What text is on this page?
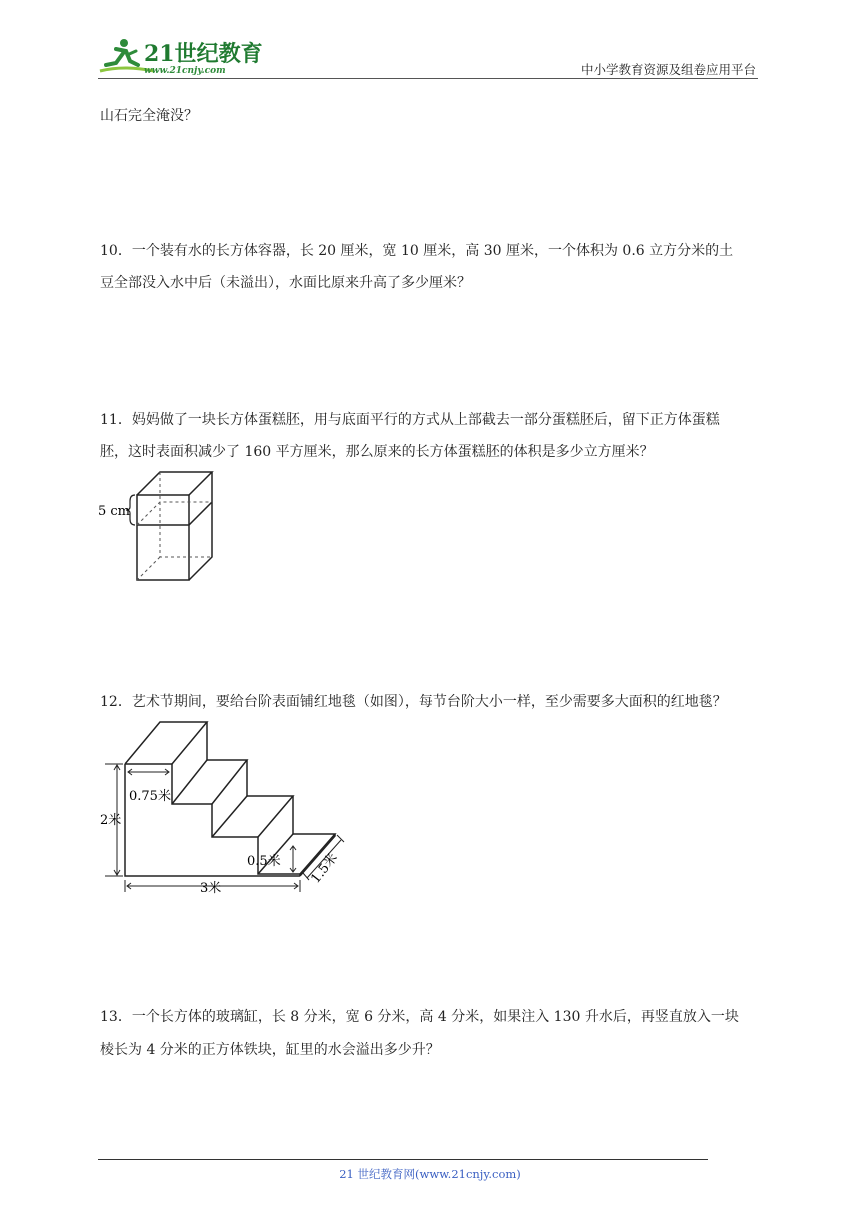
21世纪教育
www.21cnjy.com	中小学教育资源及组卷应用平台
山石完全淹没？
10．一个装有水的长方体容器，长 20 厘米，宽 10 厘米，高 30 厘米，一个体积为 0.6 立方分米的土
豆全部没入水中后（未溢出），水面比原来升高了多少厘米？
11．妈妈做了一块长方体蛋糕胚，用与底面平行的方式从上部截去一部分蛋糕胚后，留下正方体蛋糕
胚，这时表面积减少了 160 平方厘米，那么原来的长方体蛋糕胚的体积是多少立方厘米？
5 cm
12．艺术节期间，要给台阶表面铺红地毯（如图），每节台阶大小一样，至少需要多大面积的红地毯？
0.75米
2米
0.5米
3米
1.5米
13．一个长方体的玻璃缸，长 8 分米，宽 6 分米，高 4 分米，如果注入 130 升水后，再竖直放入一块
棱长为 4 分米的正方体铁块，缸里的水会溢出多少升？
21 世纪教育网(www.21cnjy.com)
